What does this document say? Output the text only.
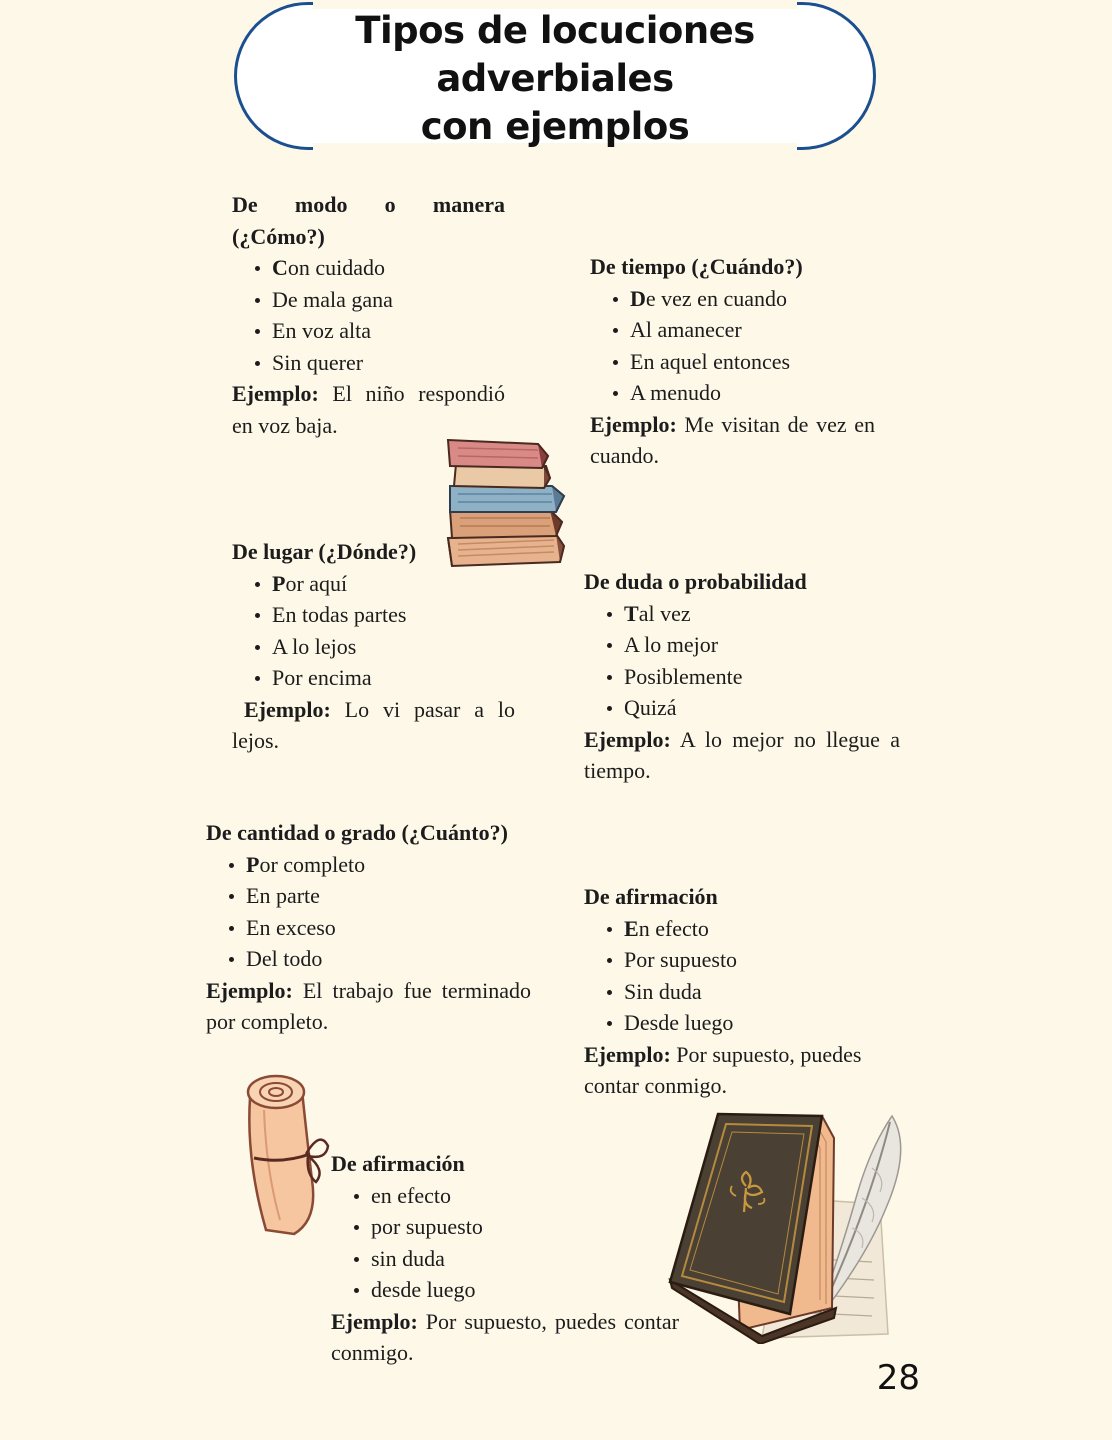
Tipos de locuciones adverbiales
con ejemplos
De modo o manera
(¿Cómo?)
Con cuidado
De mala gana
En voz alta
Sin querer
Ejemplo: El niño respondió en voz baja.
De tiempo (¿Cuándo?)
De vez en cuando
Al amanecer
En aquel entonces
A menudo
Ejemplo: Me visitan de vez en cuando.
De lugar (¿Dónde?)
Por aquí
En todas partes
A lo lejos
Por encima
Ejemplo: Lo vi pasar a lo lejos.
De duda o probabilidad
Tal vez
A lo mejor
Posiblemente
Quizá
Ejemplo: A lo mejor no llegue a tiempo.
De cantidad o grado (¿Cuánto?)
Por completo
En parte
En exceso
Del todo
Ejemplo: El trabajo fue terminado por completo.
De afirmación
En efecto
Por supuesto
Sin duda
Desde luego
Ejemplo: Por supuesto, puedes contar conmigo.
De afirmación
en efecto
por supuesto
sin duda
desde luego
Ejemplo: Por supuesto, puedes contar conmigo.
28
